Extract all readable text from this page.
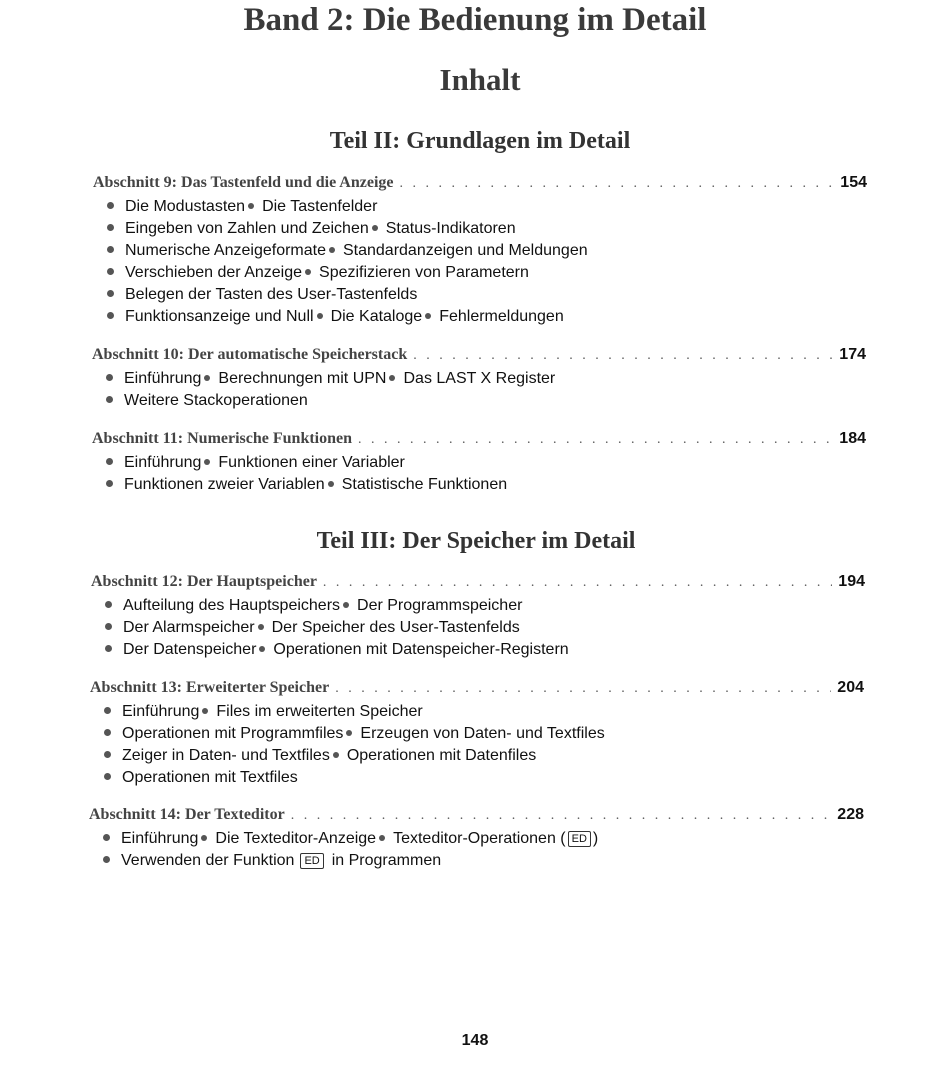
Band 2: Die Bedienung im Detail
Inhalt
Teil II: Grundlagen im Detail
Abschnitt 9: Das Tastenfeld und die Anzeige . . .	154
Die Modustasten Die Tastenfelder
Eingeben von Zahlen und Zeichen Status-Indikatoren
Numerische Anzeigeformate Standardanzeigen und Meldungen
Verschieben der Anzeige Spezifizieren von Parametern
Belegen der Tasten des User-Tastenfelds
Funktionsanzeige und Null Die Kataloge Fehlermeldungen
Abschnitt 10: Der automatische Speicherstack . . .	174
Einführung Berechnungen mit UPN Das LAST X Register
Weitere Stackoperationen
Abschnitt 11: Numerische Funktionen . . .	184
Einführung Funktionen einer Variabler
Funktionen zweier Variablen Statistische Funktionen
Teil III: Der Speicher im Detail
Abschnitt 12: Der Hauptspeicher . . .	194
Aufteilung des Hauptspeichers Der Programmspeicher
Der Alarmspeicher Der Speicher des User-Tastenfelds
Der Datenspeicher Operationen mit Datenspeicher-Registern
Abschnitt 13: Erweiterter Speicher . . .	204
Einführung Files im erweiterten Speicher
Operationen mit Programmfiles Erzeugen von Daten- und Textfiles
Zeiger in Daten- und Textfiles Operationen mit Datenfiles
Operationen mit Textfiles
Abschnitt 14: Der Texteditor . . .	228
Einführung Die Texteditor-Anzeige Texteditor-Operationen ( ED )
Verwenden der Funktion ED in Programmen
148
